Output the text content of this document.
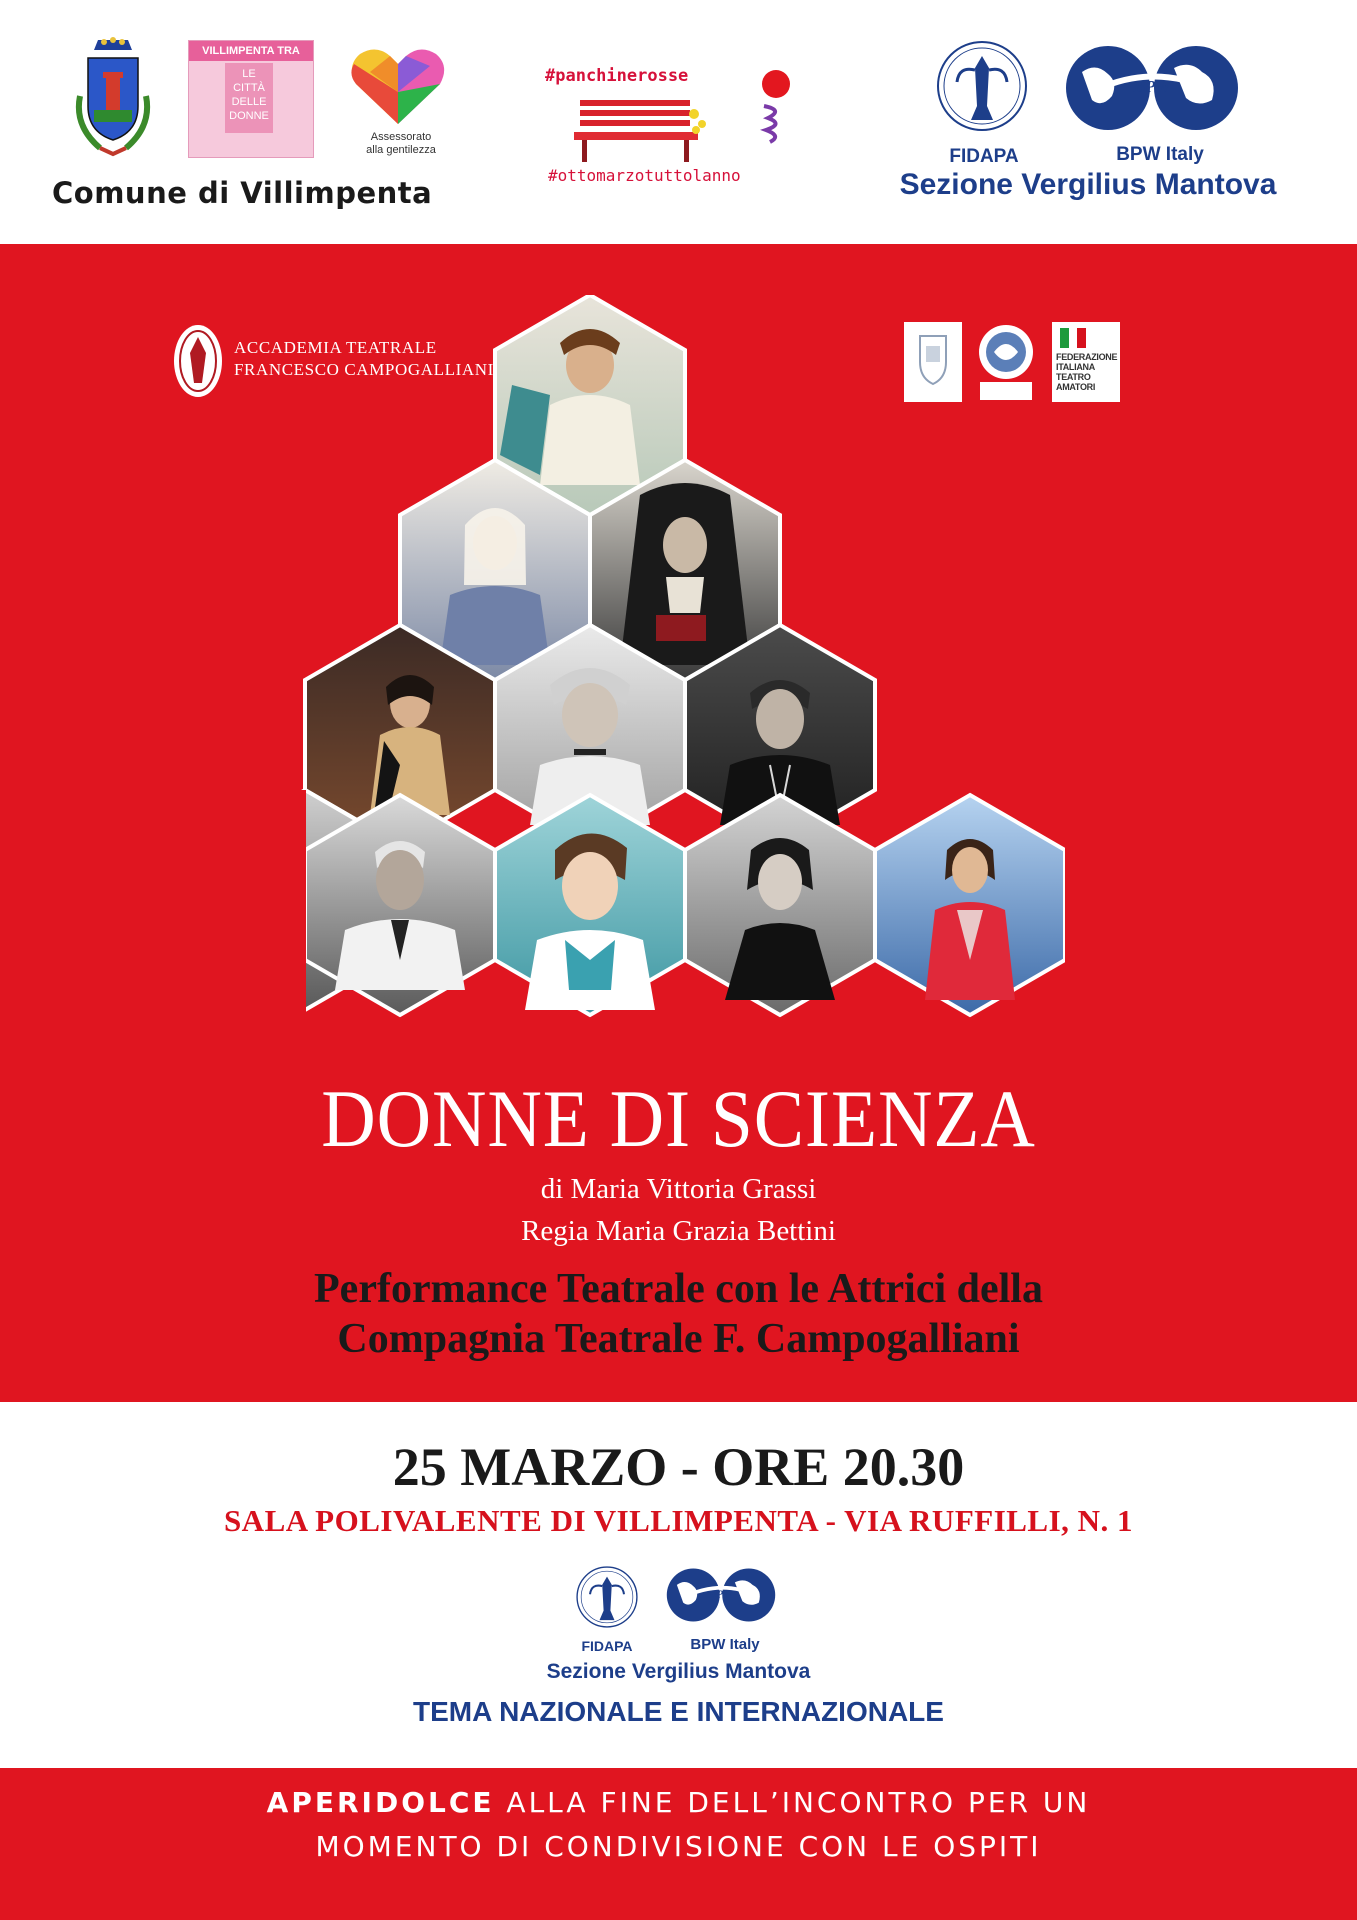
VILLIMPENTA TRA
LE
CITTÀ
DELLE
DONNE
Assessorato
alla gentilezza
#panchinerosse
#ottomarzotuttolanno
BPW
FIDAPA	BPW Italy
Sezione Vergilius Mantova
Comune di Villimpenta
ACCADEMIA TEATRALE
FRANCESCO CAMPOGALLIANI
FEDERAZIONE ITALIANA TEATRO AMATORI
DONNE DI SCIENZA
di Maria Vittoria Grassi
Regia Maria Grazia Bettini
Performance Teatrale con le Attrici della
Compagnia Teatrale F. Campogalliani
25 MARZO - ORE 20.30
SALA POLIVALENTE DI VILLIMPENTA - VIA RUFFILLI, N. 1
BPW
FIDAPA	BPW Italy
Sezione Vergilius Mantova
TEMA NAZIONALE E INTERNAZIONALE
APERIDOLCE ALLA FINE DELL’INCONTRO PER UN
MOMENTO DI CONDIVISIONE CON LE OSPITI
